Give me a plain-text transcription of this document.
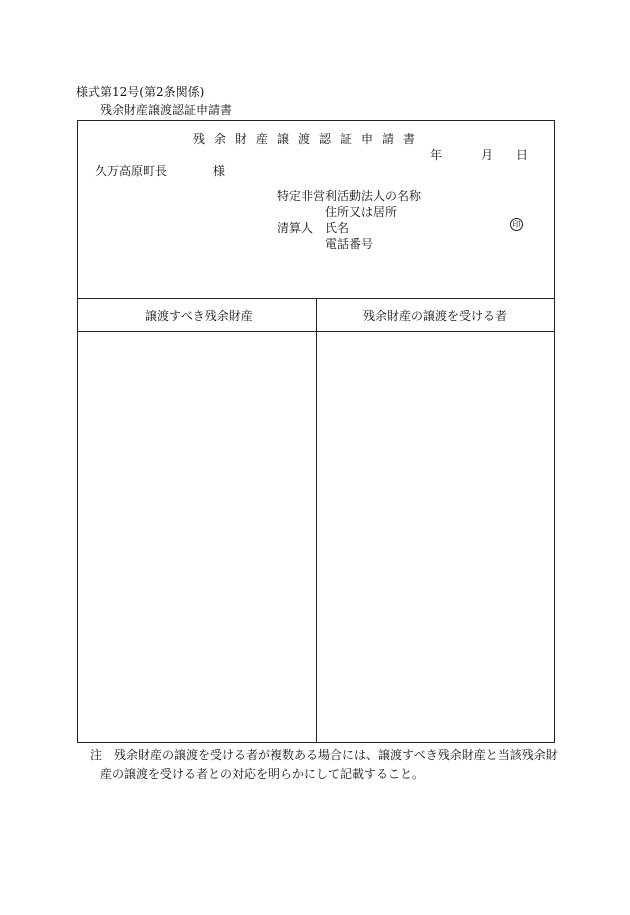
様式第12号(第2条関係)
残余財産譲渡認証申請書
残余財産譲渡認証申請書
年	月 日
久万高原町長	様
特定非営利活動法人の名称
住所又は居所
清算人 氏名
電話番号
印
譲渡すべき残余財産	残余財産の譲渡を受ける者
注　残余財産の譲渡を受ける者が複数ある場合には、譲渡すべき残余財産と当該残余財
産の譲渡を受ける者との対応を明らかにして記載すること。
